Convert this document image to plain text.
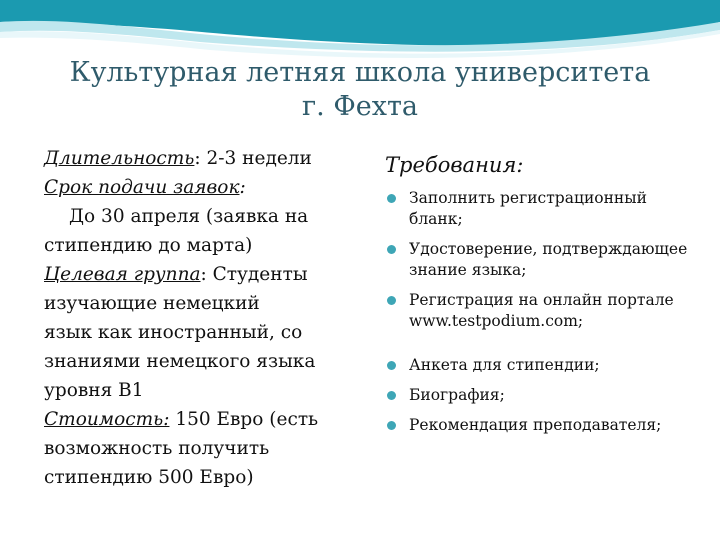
Культурная летняя школа университета
г. Фехта
Длительность: 2-3 недели
Срок подачи заявок:
До 30 апреля (заявка на
стипендию до марта)
Целевая группа: Студенты
изучающие немецкий
язык как иностранный, со
знаниями немецкого языка
уровня B1
Стоимость: 150 Евро (есть
возможность получить
стипендию 500 Евро)
Требования:
Заполнить регистрационный бланк;
Удостоверение, подтверждающее знание языка;
Регистрация на онлайн портале www.testpodium.com;
Анкета для стипендии;
Биография;
Рекомендация преподавателя;
